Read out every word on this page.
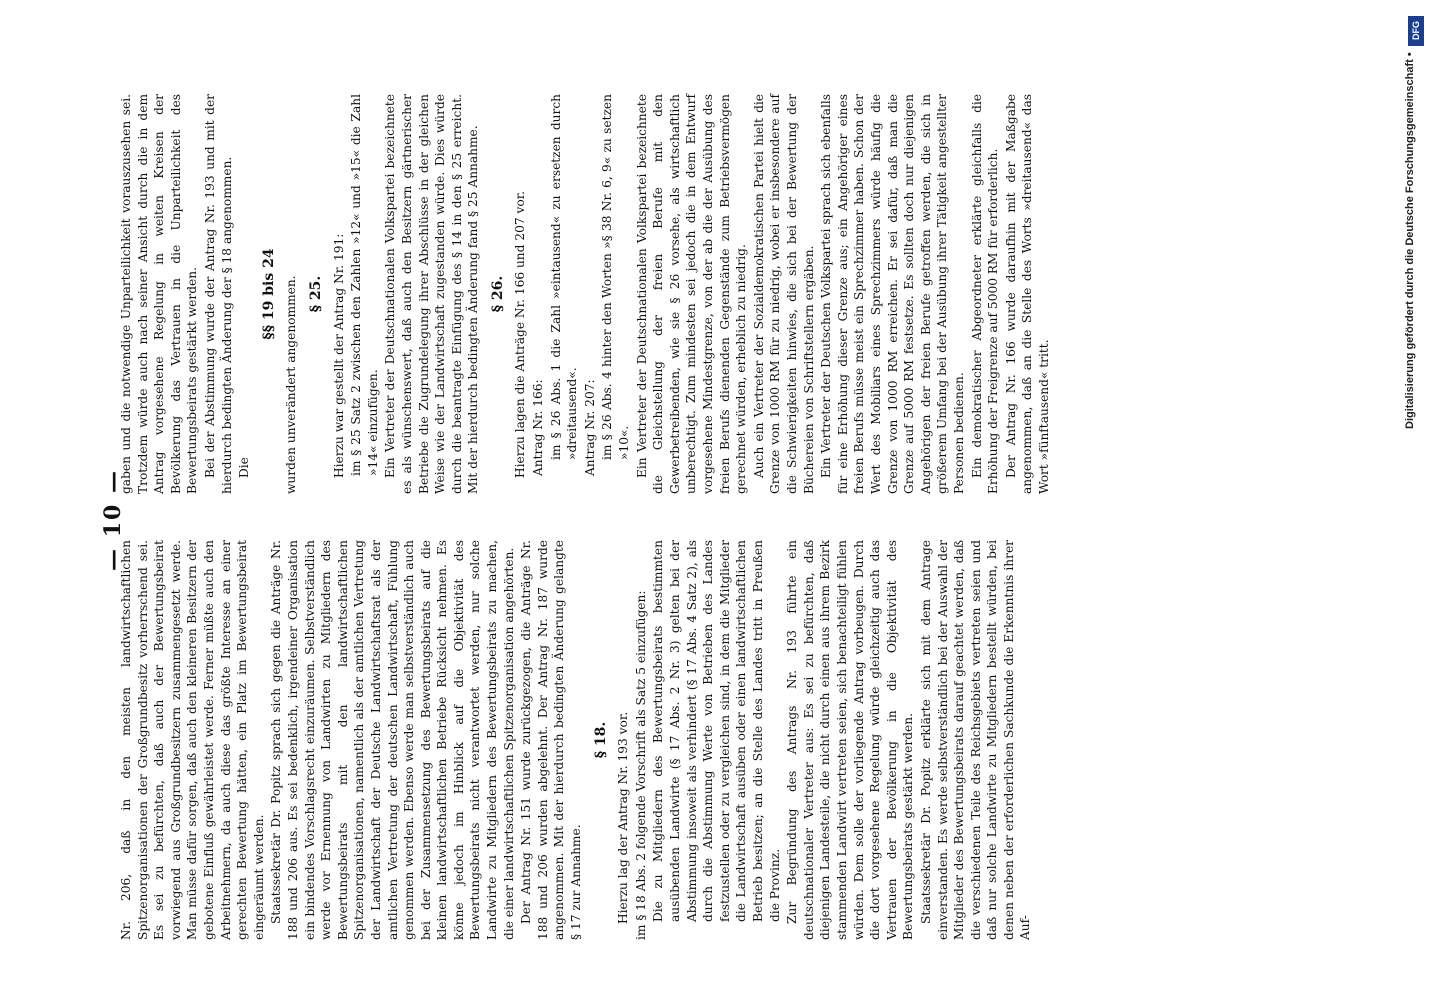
— 10 —
Nr. 206, daß in den meisten landwirtschaftlichen Spitzenorganisationen der Großgrundbesitz vorherrschend sei. Es sei zu befürchten, daß auch der Bewertungsbeirat vorwiegend aus Großgrundbesitzern zusammengesetzt werde. Man müsse dafür sorgen, daß auch den kleineren Besitzern der gebotene Einfluß gewährleistet werde. Ferner müßte auch den Arbeitnehmern, da auch diese das größte Interesse an einer gerechten Bewertung hätten, ein Platz im Bewertungsbeirat eingeräumt werden. Staatssekretär Dr. Popitz sprach sich gegen die Anträge Nr. 188 und 206 aus. Es sei bedenklich, irgendeiner Organisation ein bindendes Vorschlagsrecht einzuräumen. Selbstverständlich werde vor Ernennung von Landwirten zu Mitgliedern des Bewertungsbeirats mit den landwirtschaftlichen Spitzenorganisationen, namentlich als der amtlichen Vertretung der Landwirtschaft der Deutsche Landwirtschaftsrat als der amtlichen Vertretung der deutschen Landwirtschaft, Fühlung genommen werden. Ebenso werde man selbstverständlich auch bei der Zusammensetzung des Bewertungsbeirats auf die kleinen landwirtschaftlichen Betriebe Rücksicht nehmen. Es könne jedoch im Hinblick auf die Objektivität des Bewertungsbeirats nicht verantwortet werden, nur solche Landwirte zu Mitgliedern des Bewertungsbeirats zu machen, die einer landwirtschaftlichen Spitzenorganisation angehörten. Der Antrag Nr. 151 wurde zurückgezogen, die Anträge Nr. 188 und 206 wurden abgelehnt. Der Antrag Nr. 187 wurde angenommen. Mit der hierdurch bedingten Änderung gelangte § 17 zur Annahme.
§ 18. Hierzu lag der Antrag Nr. 193 vor. im § 18 Abs. 2 folgende Vorschrift als Satz 5 einzufügen: Die zu Mitgliedern des Bewertungsbeirats bestimmten ausübenden Landwirte (§ 17 Abs. 2 Nr. 3) gelten bei der Abstimmung insoweit als verhindert (§ 17 Abs. 4 Satz 2), als durch die Abstimmung Werte von Betrieben des Landes festzustellen oder zu vergleichen sind, in dem die Mitglieder die Landwirtschaft ausüben oder einen landwirtschaftlichen Betrieb besitzen; an die Stelle des Landes tritt in Preußen die Provinz. Zur Begründung des Antrags Nr. 193 führte ein deutschnationaler Vertreter aus: Es sei zu befürchten, daß diejenigen Landesteile, die nicht durch einen aus ihrem Bezirk stammenden Landwirt vertreten seien, sich benachteiligt fühlen würden. Dem solle der vorliegende Antrag vorbeugen. Durch die dort vorgesehene Regelung würde gleichzeitig auch das Vertrauen der Bevölkerung in die Objektivität des Bewertungsbeirats gestärkt werden. Staatssekretär Dr. Popitz erklärte sich mit dem Antrage einverstanden. Es werde selbstverständlich bei der Auswahl der Mitglieder des Bewertungsbeirats darauf geachtet werden, daß die verschiedenen Teile des Reichsgebiets vertreten seien und daß nur solche Landwirte zu Mitgliedern bestellt würden, bei denen neben der erforderlichen Sachkunde die Erkenntnis ihrer Auf-
gaben und die notwendige Unparteilichkeit vorauszusehen sei. Trotzdem würde auch nach seiner Ansicht durch die in dem Antrag vorgesehene Regelung in weiten Kreisen der Bevölkerung das Vertrauen in die Unparteilichkeit des Bewertungsbeirats gestärkt werden. Bei der Abstimmung wurde der Antrag Nr. 193 und mit der hierdurch bedingten Änderung der § 18 angenommen. Die
§§ 19 bis 24 wurden unverändert angenommen. § 25. Hierzu war gestellt der Antrag Nr. 191: im § 25 Satz 2 zwischen den Zahlen »12« und »15« die Zahl »14« einzufügen. Ein Vertreter der Deutschnationalen Volkspartei bezeichnete es als wünschenswert, daß auch den Besitzern gärtnerischer Betriebe die Zugrundelegung ihrer Abschlüsse in der gleichen Weise wie der Landwirtschaft zugestanden würde. Dies würde durch die beantragte Einfügung des § 14 in den § 25 erreicht. Mit der hierdurch bedingten Änderung fand § 25 Annahme. § 26. Hierzu lagen die Anträge Nr. 166 und 207 vor. Antrag Nr. 166: im § 26 Abs. 1 die Zahl »eintausend« zu ersetzen durch »dreitausend«. Antrag Nr. 207: im § 26 Abs. 4 hinter den Worten »§ 38 Nr. 6, 9« zu setzen »10«. Ein Vertreter der Deutschnationalen Volkspartei bezeichnete die Gleichstellung der freien Berufe mit den Gewerbetreibenden, wie sie § 26 vorsehe, als wirtschaftlich unberechtigt. Zum mindesten sei jedoch die in dem Entwurf vorgesehene Mindestgrenze, von der ab die der Ausübung des freien Berufs dienenden Gegenstände zum Betriebsvermögen gerechnet würden, erheblich zu niedrig. Auch ein Vertreter der Sozialdemokratischen Partei hielt die Grenze von 1000 RM für zu niedrig, wobei er insbesondere auf die Schwierigkeiten hinwies, die sich bei der Bewertung der Büchereien von Schriftstellern ergäben. Ein Vertreter der Deutschen Volkspartei sprach sich ebenfalls für eine Erhöhung dieser Grenze aus; ein Angehöriger eines freien Berufs müsse meist ein Sprechzimmer haben. Schon der Wert des Mobiliars eines Sprechzimmers würde häufig die Grenze von 1000 RM erreichen. Er sei dafür, daß man die Grenze auf 5000 RM festsetze. Es sollten doch nur diejenigen Angehörigen der freien Berufe getroffen werden, die sich in größerem Umfang bei der Ausübung ihrer Tätigkeit angestellter Personen bedienen. Ein demokratischer Abgeordneter erklärte gleichfalls die Erhöhung der Freigrenze auf 5000 RM für erforderlich. Der Antrag Nr. 166 wurde daraufhin mit der Maßgabe angenommen, daß an die Stelle des Worts »dreitausend« das Wort »fünftausend« tritt.
DFG
Digitalisierung gefördert durch die Deutsche Forschungsgemeinschaft •
